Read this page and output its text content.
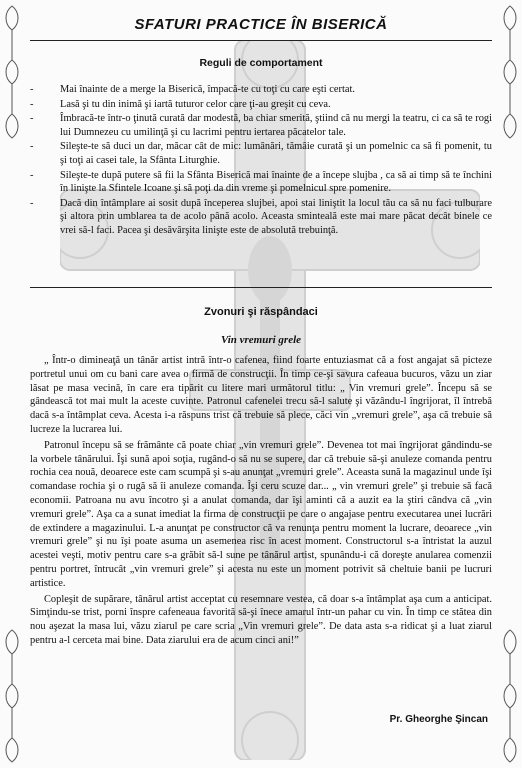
SFATURI PRACTICE ÎN BISERICĂ
Reguli de comportament
-	Mai înainte de a merge la Biserică, împacă-te cu toţi cu care eşti certat.
-	Lasă şi tu din inimă şi iartă tuturor celor care ţi-au greşit cu ceva.
-	Îmbracă-te într-o ţinută curată dar modestă, ba chiar smerită, ştiind că nu mergi la teatru, ci ca să te rogi lui Dumnezeu cu umilinţă şi cu lacrimi pentru iertarea păcatelor tale.
-	Sileşte-te să duci un dar, măcar cât de mic: lumânări, tămâie curată şi un pomelnic ca să fi pomenit, tu şi toţi ai casei tale, la Sfânta Liturghie.
-	Sileşte-te după putere să fii la Sfânta Biserică mai înainte de a începe slujba , ca să ai timp să te închini în linişte la Sfintele Icoane şi să poţi da din vreme şi pomelnicul spre pomenire.
-	Dacă din întâmplare ai sosit după începerea slujbei, apoi stai liniştit la locul tău ca să nu faci tulburare şi altora prin umblarea ta de acolo până acolo. Aceasta sminteală este mai mare păcat decât binele ce vrei să-l faci. Pacea şi desăvârşita linişte este de absolută trebuinţă.
Zvonuri şi răspândaci
Vin vremuri grele

„ Într-o dimineaţă un tânăr artist intră într-o cafenea, fiind foarte entuziasmat că a fost angajat să picteze portretul unui om cu bani care avea o firmă de construcţii. În timp ce-şi savura cafeaua bucuros, văzu un ziar lăsat pe masa vecină, în care era tipărit cu litere mari următorul titlu: „ Vin vremuri grele”. Începu să se gândească tot mai mult la aceste cuvinte. Patronul cafenelei trecu să-l salute şi văzându-l îngrijorat, îl întrebă dacă s-a întâmplat ceva. Acesta i-a răspuns trist că trebuie să plece, căci vin „vremuri grele”, aşa că trebuie să lucreze la lucrarea lui.

Patronul începu să se frământe că poate chiar „vin vremuri grele”. Devenea tot mai îngrijorat gândindu-se la vorbele tânărului. Îşi sună apoi soţia, rugând-o să nu se supere, dar că trebuie să-şi anuleze comanda pentru rochia cea nouă, deoarece este cam scumpă şi s-au anunţat „vremuri grele”. Aceasta sună la magazinul unde îşi comandase rochia şi o rugă să îi anuleze comanda. Îşi ceru scuze dar... „ vin vremuri grele” şi trebuie să facă economii. Patroana nu avu încotro şi a anulat comanda, dar îşi aminti că a auzit ea la ştiri cândva că „vin vremuri grele”. Aşa ca a sunat imediat la firma de construcţii pe care o angajase pentru executarea unei lucrări de extindere a magazinului. L-a anunţat pe constructor că va renunţa pentru moment la lucrare, deoarece „vin vremuri grele” şi nu îşi poate asuma un asemenea risc în acest moment. Constructorul s-a întristat la auzul acestei veşti, motiv pentru care s-a grăbit să-l sune pe tânărul artist, spunându-i că doreşte anularea comenzii pentru portret, întrucât „vin vremuri grele” şi acesta nu este un moment potrivit să cheltuie banii pe lucruri artistice.

Copleşit de supărare, tânărul artist acceptat cu resemnare vestea, că doar s-a întâmplat aşa cum a anticipat. Simţindu-se trist, porni înspre cafeneaua favorită să-şi înece amarul într-un pahar cu vin. În timp ce stătea din nou aşezat la masa lui, văzu ziarul pe care scria „Vin vremuri grele”. De data asta s-a ridicat şi a luat ziarul pentru a-l cerceta mai bine. Data ziarului era de acum cinci ani!”

Pr. Gheorghe Şincan
